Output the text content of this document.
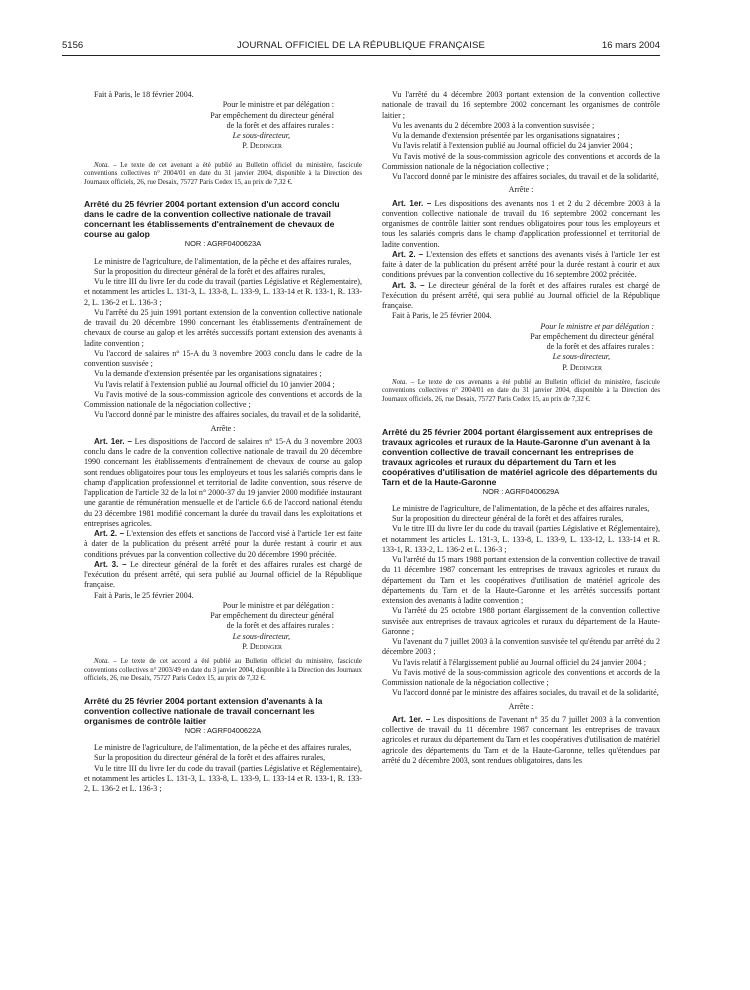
5156	JOURNAL OFFICIEL DE LA RÉPUBLIQUE FRANÇAISE	16 mars 2004

Fait à Paris, le 18 février 2004.

Pour le ministre et par délégation :
Par empêchement du directeur général
de la forêt et des affaires rurales :
Le sous-directeur,
P. Dedinger

Nota. – Le texte de cet avenant a été publié au Bulletin officiel du ministère, fascicule conventions collectives n° 2004/01 en date du 31 janvier 2004, disponible à la Direction des Journaux officiels, 26, rue Desaix, 75727 Paris Cedex 15, au prix de 7,32 €.

Arrêté du 25 février 2004 portant extension d'un accord conclu dans le cadre de la convention collective nationale de travail concernant les établissements d'entraînement de chevaux de course au galop

NOR : AGRF0400623A

Le ministre de l'agriculture, de l'alimentation, de la pêche et des affaires rurales,

Sur la proposition du directeur général de la forêt et des affaires rurales,

Vu le titre III du livre Ier du code du travail (parties Législative et Réglementaire), et notamment les articles L. 131-3, L. 133-8, L. 133-9, L. 133-14 et R. 133-1, R. 133-2, L. 136-2 et L. 136-3 ;

Vu l'arrêté du 25 juin 1991 portant extension de la convention collective nationale de travail du 20 décembre 1990 concernant les établissements d'entraînement de chevaux de course au galop et les arrêtés successifs portant extension des avenants à ladite convention ;

Vu l'accord de salaires n° 15-A du 3 novembre 2003 conclu dans le cadre de la convention susvisée ;

Vu la demande d'extension présentée par les organisations signataires ;

Vu l'avis relatif à l'extension publié au Journal officiel du 10 janvier 2004 ;

Vu l'avis motivé de la sous-commission agricole des conventions et accords de la Commission nationale de la négociation collective ;

Vu l'accord donné par le ministre des affaires sociales, du travail et de la solidarité,

Arrête :

Art. 1er. – Les dispositions de l'accord de salaires n° 15-A du 3 novembre 2003 conclu dans le cadre de la convention collective nationale de travail du 20 décembre 1990 concernant les établissements d'entraînement de chevaux de course au galop sont rendues obligatoires pour tous les employeurs et tous les salariés compris dans le champ d'application professionnel et territorial de ladite convention, sous réserve de l'application de l'article 32 de la loi n° 2000-37 du 19 janvier 2000 modifiée instaurant une garantie de rémunération mensuelle et de l'article 6.6 de l'accord national étendu du 23 décembre 1981 modifié concernant la durée du travail dans les exploitations et entreprises agricoles.

Art. 2. – L'extension des effets et sanctions de l'accord visé à l'article 1er est faite à dater de la publication du présent arrêté pour la durée restant à courir et aux conditions prévues par la convention collective du 20 décembre 1990 précitée.

Art. 3. – Le directeur général de la forêt et des affaires rurales est chargé de l'exécution du présent arrêté, qui sera publié au Journal officiel de la République française.

Fait à Paris, le 25 février 2004.

Pour le ministre et par délégation :
Par empêchement du directeur général
de la forêt et des affaires rurales :
Le sous-directeur,
P. Dedinger

Nota. – Le texte de cet accord a été publié au Bulletin officiel du ministère, fascicule conventions collectives n° 2003/49 en date du 3 janvier 2004, disponible à la Direction des Journaux officiels, 26, rue Desaix, 75727 Paris Cedex 15, au prix de 7,32 €.

Arrêté du 25 février 2004 portant extension d'avenants à la convention collective nationale de travail concernant les organismes de contrôle laitier

NOR : AGRF0400622A

Le ministre de l'agriculture, de l'alimentation, de la pêche et des affaires rurales,

Sur la proposition du directeur général de la forêt et des affaires rurales,

Vu le titre III du livre Ier du code du travail (parties Législative et Réglementaire), et notamment les articles L. 131-3, L. 133-8, L. 133-9, L. 133-14 et R. 133-1, R. 133-2, L. 136-2 et L. 136-3 ;

Vu l'arrêté du 4 décembre 2003 portant extension de la convention collective nationale de travail du 16 septembre 2002 concernant les organismes de contrôle laitier ;

Vu les avenants du 2 décembre 2003 à la convention susvisée ;

Vu la demande d'extension présentée par les organisations signataires ;

Vu l'avis relatif à l'extension publié au Journal officiel du 24 janvier 2004 ;

Vu l'avis motivé de la sous-commission agricole des conventions et accords de la Commission nationale de la négociation collective ;

Vu l'accord donné par le ministre des affaires sociales, du travail et de la solidarité,

Arrête :

Art. 1er. – Les dispositions des avenants nos 1 et 2 du 2 décembre 2003 à la convention collective nationale de travail du 16 septembre 2002 concernant les organismes de contrôle laitier sont rendues obligatoires pour tous les employeurs et tous les salariés compris dans le champ d'application professionnel et territorial de ladite convention.

Art. 2. – L'extension des effets et sanctions des avenants visés à l'article 1er est faite à dater de la publication du présent arrêté pour la durée restant à courir et aux conditions prévues par la convention collective du 16 septembre 2002 précitée.

Art. 3. – Le directeur général de la forêt et des affaires rurales est chargé de l'exécution du présent arrêté, qui sera publié au Journal officiel de la République française.

Fait à Paris, le 25 février 2004.

Pour le ministre et par délégation :
Par empêchement du directeur général
de la forêt et des affaires rurales :
Le sous-directeur,
P. Dedinger

Nota. – Le texte de ces avenants a été publié au Bulletin officiel du ministère, fascicule conventions collectives n° 2004/01 en date du 31 janvier 2004, disponible à la Direction des Journaux officiels, 26, rue Desaix, 75727 Paris Cedex 15, au prix de 7,32 €.

Arrêté du 25 février 2004 portant élargissement aux entreprises de travaux agricoles et ruraux de la Haute-Garonne d'un avenant à la convention collective de travail concernant les entreprises de travaux agricoles et ruraux du département du Tarn et les coopératives d'utilisation de matériel agricole des départements du Tarn et de la Haute-Garonne

NOR : AGRF0400629A

Le ministre de l'agriculture, de l'alimentation, de la pêche et des affaires rurales,

Sur la proposition du directeur général de la forêt et des affaires rurales,

Vu le titre III du livre Ier du code du travail (parties Législative et Réglementaire), et notamment les articles L. 131-3, L. 133-8, L. 133-9, L. 133-12, L. 133-14 et R. 133-1, R. 133-2, L. 136-2 et L. 136-3 ;

Vu l'arrêté du 15 mars 1988 portant extension de la convention collective de travail du 11 décembre 1987 concernant les entreprises de travaux agricoles et ruraux du département du Tarn et les coopératives d'utilisation de matériel agricole des départements du Tarn et de la Haute-Garonne et les arrêtés successifs portant extension des avenants à ladite convention ;

Vu l'arrêté du 25 octobre 1988 portant élargissement de la convention collective susvisée aux entreprises de travaux agricoles et ruraux du département de la Haute-Garonne ;

Vu l'avenant du 7 juillet 2003 à la convention susvisée tel qu'étendu par arrêté du 2 décembre 2003 ;

Vu l'avis relatif à l'élargissement publié au Journal officiel du 24 janvier 2004 ;

Vu l'avis motivé de la sous-commission agricole des conventions et accords de la Commission nationale de la négociation collective ;

Vu l'accord donné par le ministre des affaires sociales, du travail et de la solidarité,

Arrête :

Art. 1er. – Les dispositions de l'avenant n° 35 du 7 juillet 2003 à la convention collective de travail du 11 décembre 1987 concernant les entreprises de travaux agricoles et ruraux du département du Tarn et les coopératives d'utilisation de matériel agricole des départements du Tarn et de la Haute-Garonne, telles qu'étendues par arrêté du 2 décembre 2003, sont rendues obligatoires, dans les
